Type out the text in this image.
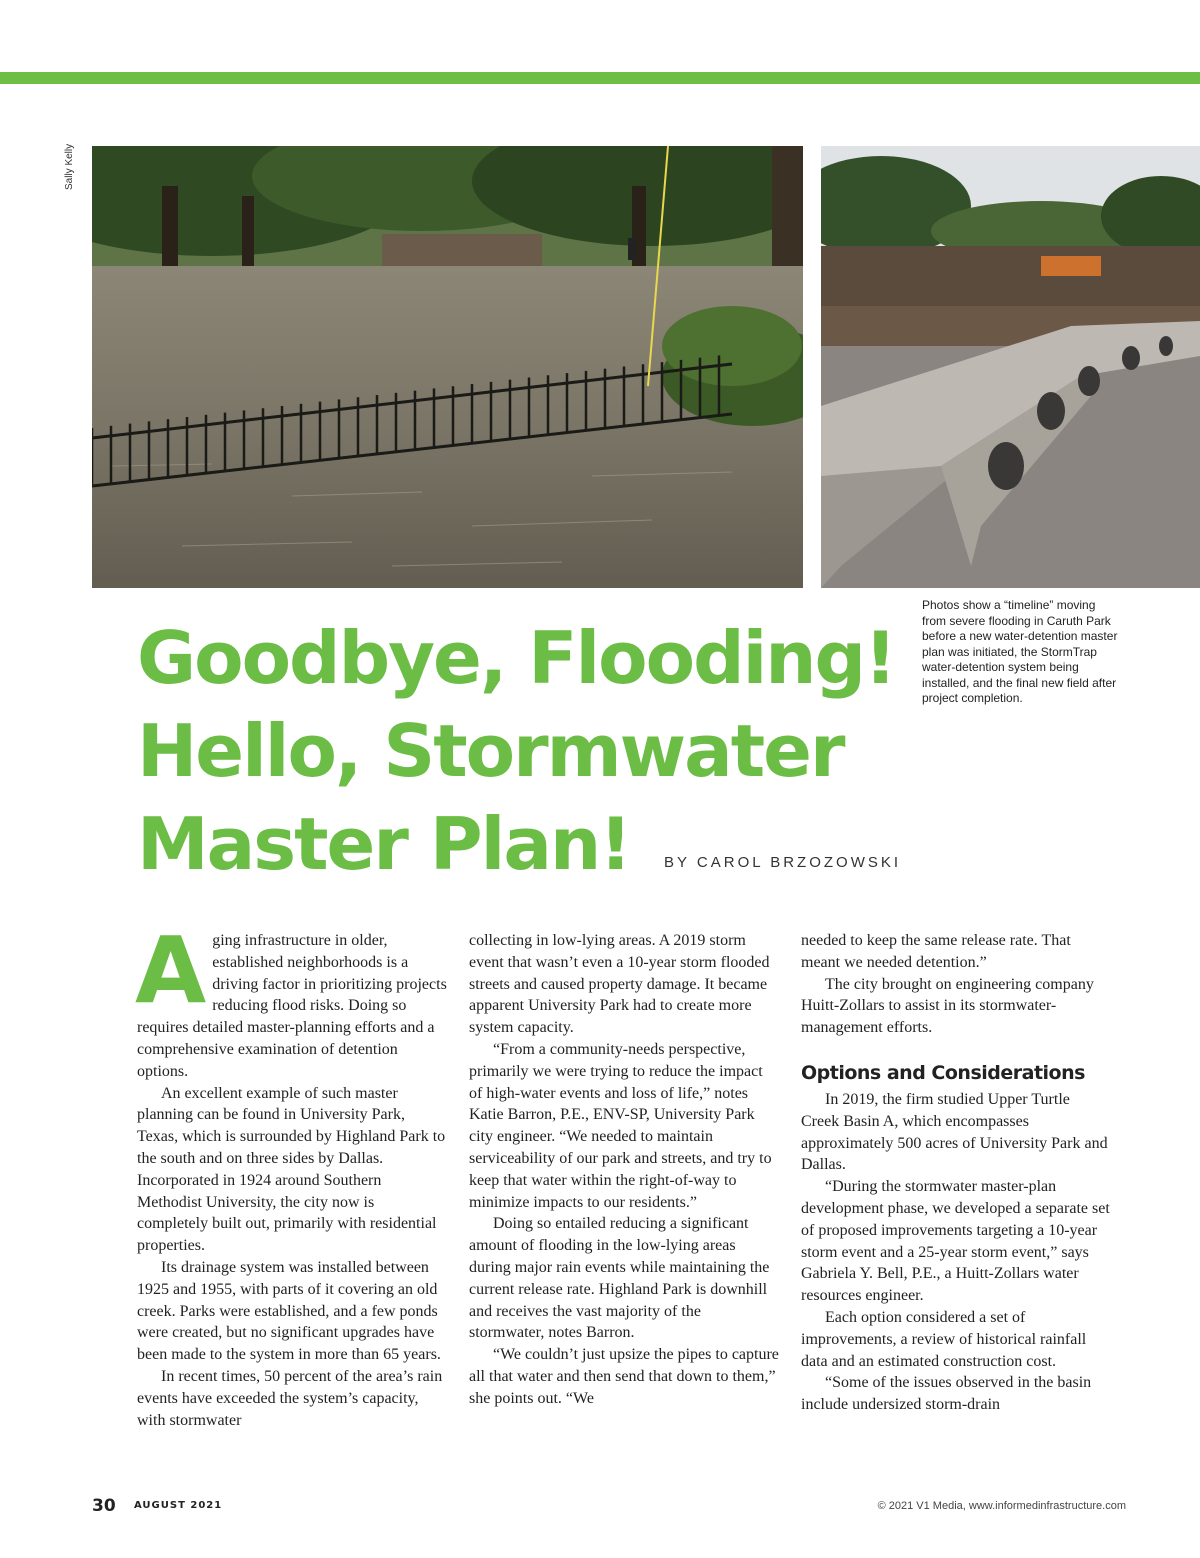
Sally Kelly
Photos show a “timeline” moving from severe flooding in Caruth Park before a new water-detention master plan was initiated, the StormTrap water-detention system being installed, and the final new field after project completion.
Goodbye, Flooding!
Hello, Stormwater
Master Plan!	BY CAROL BRZOZOWSKI

Aging infrastructure in older, established neighborhoods is a driving factor in prioritizing projects reducing flood risks. Doing so requires detailed master-planning efforts and a comprehensive examination of detention options.

An excellent example of such master planning can be found in University Park, Texas, which is surrounded by Highland Park to the south and on three sides by Dallas. Incorporated in 1924 around Southern Methodist University, the city now is completely built out, primarily with residential properties.

Its drainage system was installed between 1925 and 1955, with parts of it covering an old creek. Parks were established, and a few ponds were created, but no significant upgrades have been made to the system in more than 65 years.

In recent times, 50 percent of the area’s rain events have exceeded the system’s capacity, with stormwater

collecting in low-lying areas. A 2019 storm event that wasn’t even a 10-year storm flooded streets and caused property damage. It became apparent University Park had to create more system capacity.

“From a community-needs perspective, primarily we were trying to reduce the impact of high-water events and loss of life,” notes Katie Barron, P.E., ENV-SP, University Park city engineer. “We needed to maintain serviceability of our park and streets, and try to keep that water within the right-of-way to minimize impacts to our residents.”

Doing so entailed reducing a significant amount of flooding in the low-lying areas during major rain events while maintaining the current release rate. Highland Park is downhill and receives the vast majority of the stormwater, notes Barron.

“We couldn’t just upsize the pipes to capture all that water and then send that down to them,” she points out. “We

needed to keep the same release rate. That meant we needed detention.”

The city brought on engineering company Huitt-Zollars to assist in its stormwater-management efforts.

Options and Considerations

In 2019, the firm studied Upper Turtle Creek Basin A, which encompasses approximately 500 acres of University Park and Dallas.

“During the stormwater master-plan development phase, we developed a separate set of proposed improvements targeting a 10-year storm event and a 25-year storm event,” says Gabriela Y. Bell, P.E., a Huitt-Zollars water resources engineer.

Each option considered a set of improvements, a review of historical rainfall data and an estimated construction cost.

“Some of the issues observed in the basin include undersized storm-drain

30 AUGUST 2021	© 2021 V1 Media, www.informedinfrastructure.com
